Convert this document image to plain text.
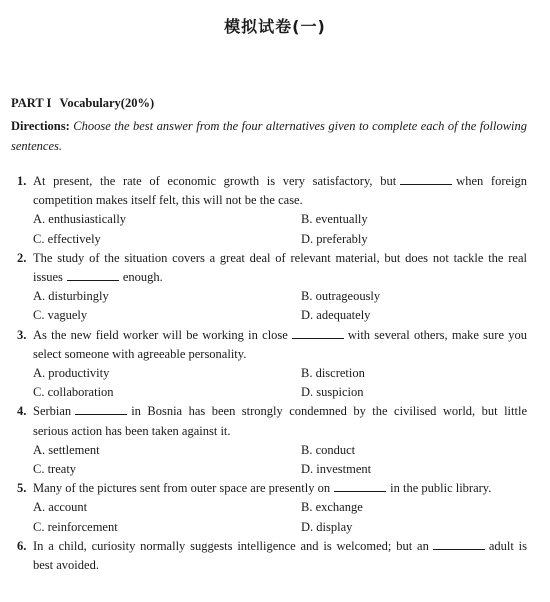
模拟试卷(一)
PART I Vocabulary(20%)
Directions: Choose the best answer from the four alternatives given to complete each of the following sentences.
1. At present, the rate of economic growth is very satisfactory, but	when foreign competition makes itself felt, this will not be the case.
A. enthusiastically	B. eventually
C. effectively	D. preferably
2. The study of the situation covers a great deal of relevant material, but does not tackle the real issues	enough.
A. disturbingly	B. outrageously
C. vaguely	D. adequately
3. As the new field worker will be working in close	with several others, make sure you select someone with agreeable personality.
A. productivity	B. discretion
C. collaboration	D. suspicion
4. Serbian	in Bosnia has been strongly condemned by the civilised world, but little serious action has been taken against it.
A. settlement	B. conduct
C. treaty	D. investment
5. Many of the pictures sent from outer space are presently on	in the public library.
A. account	B. exchange
C. reinforcement	D. display
6. In a child, curiosity normally suggests intelligence and is welcomed; but an	adult is best avoided.
